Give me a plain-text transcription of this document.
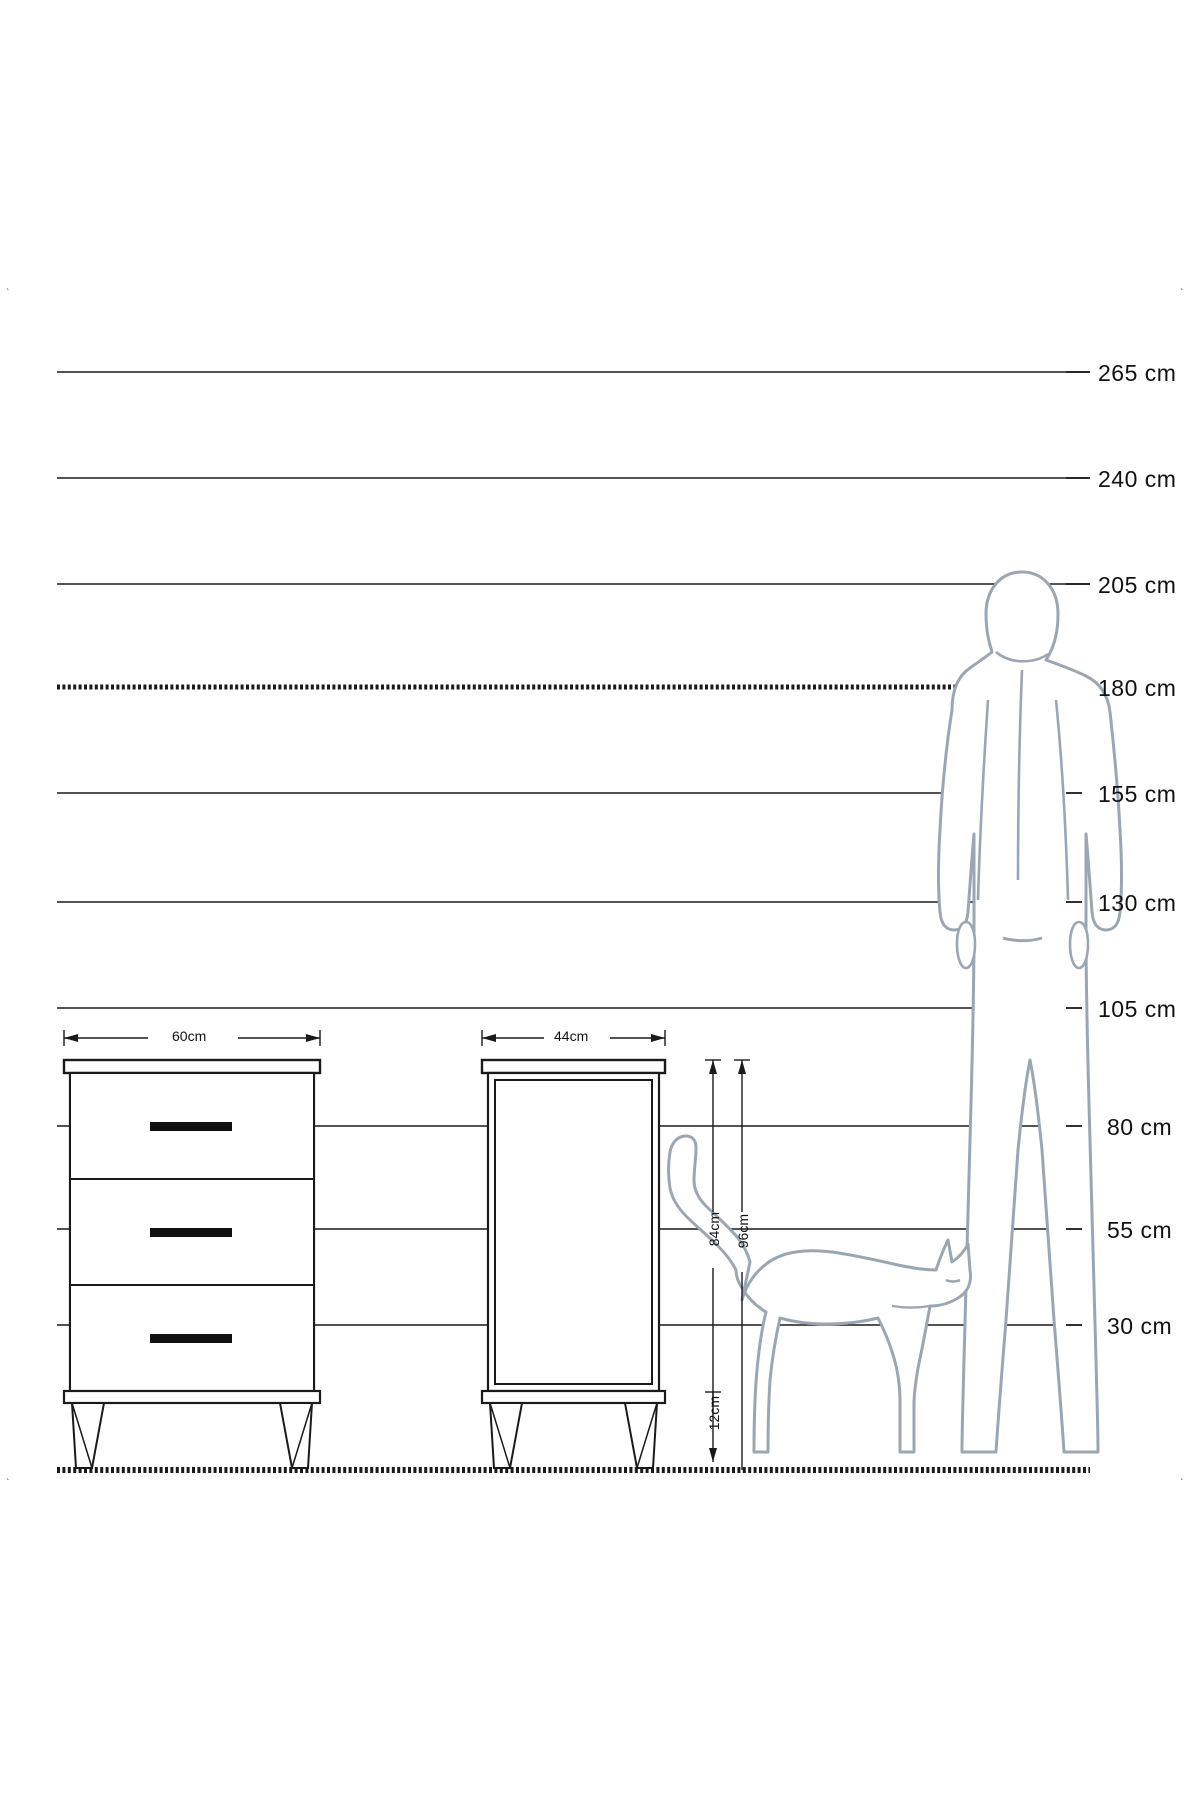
`	`
`	`
265 cm
240 cm
205 cm
180 cm
155 cm
130 cm
105 cm
80 cm
55 cm
30 cm
60cm	44cm
84cm 96cm
12cm
